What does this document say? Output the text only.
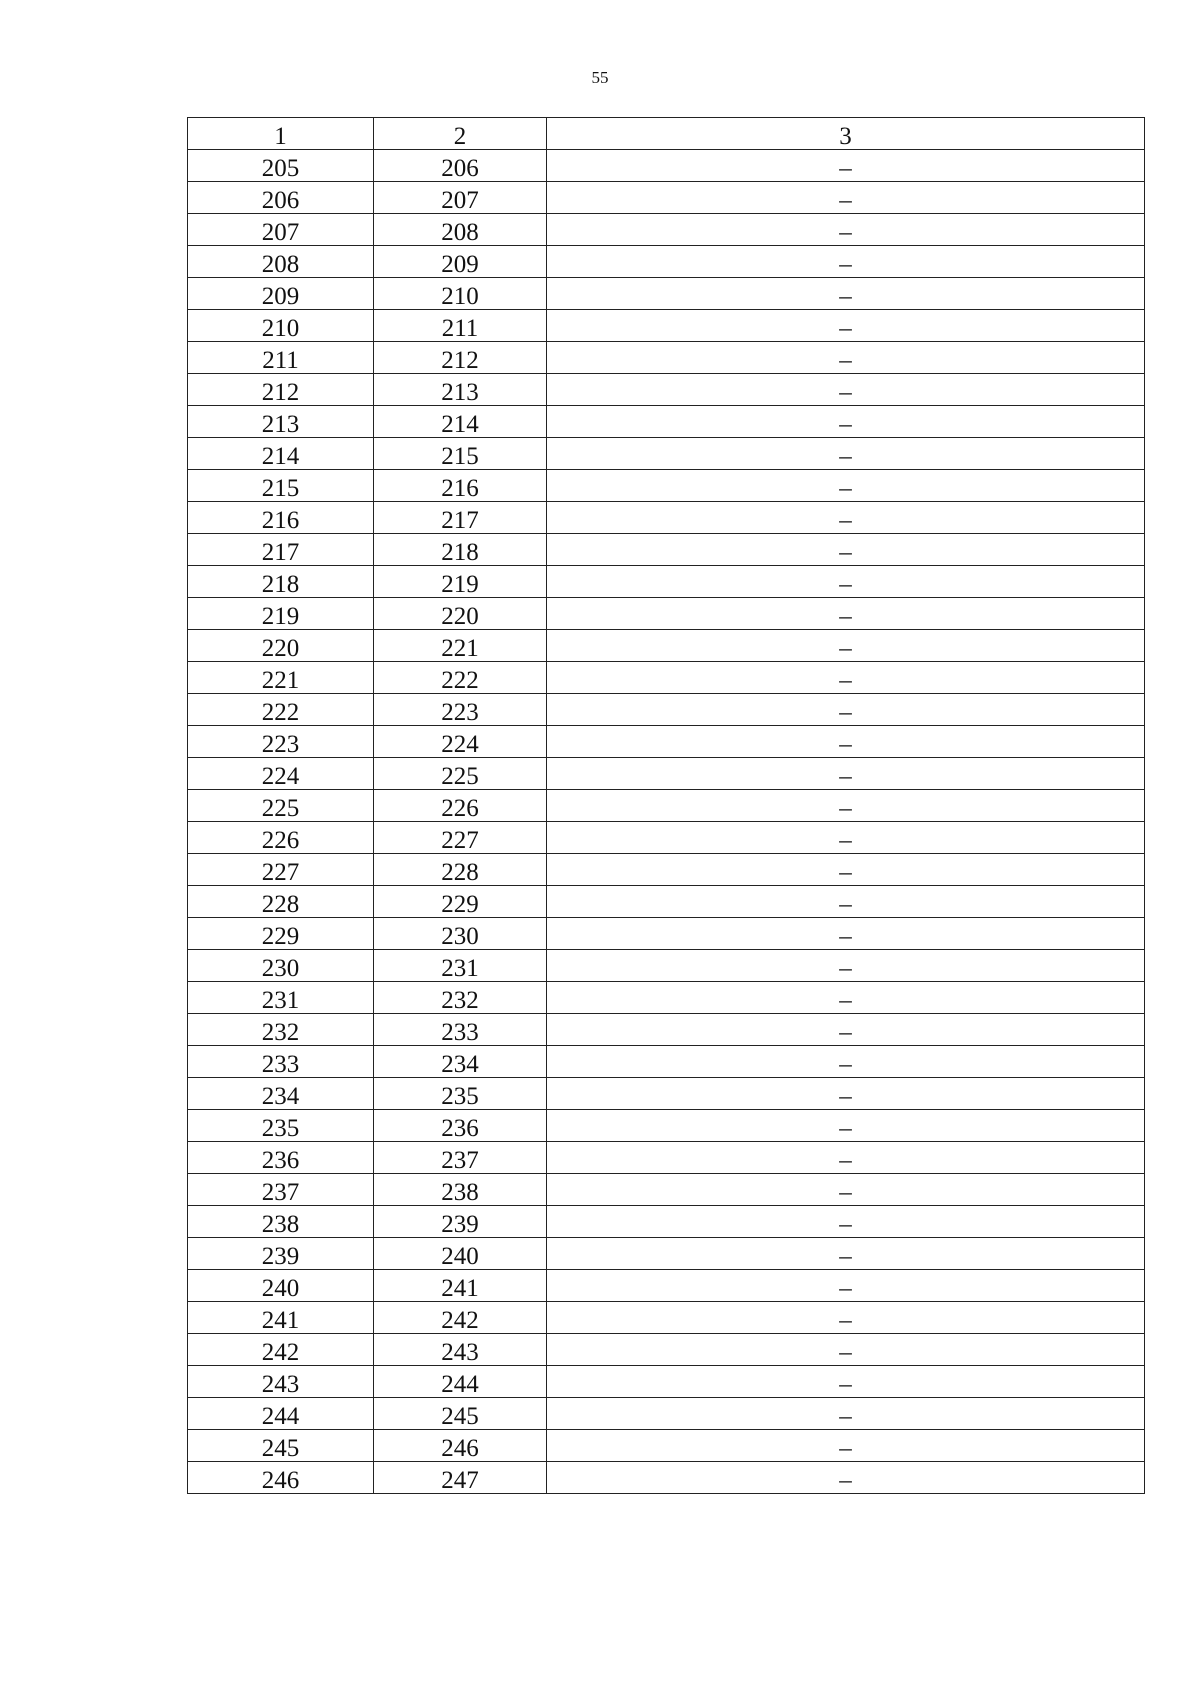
55
1	2	3
205	206	–
206	207	–
207	208	–
208	209	–
209	210	–
210	211	–
211	212	–
212	213	–
213	214	–
214	215	–
215	216	–
216	217	–
217	218	–
218	219	–
219	220	–
220	221	–
221	222	–
222	223	–
223	224	–
224	225	–
225	226	–
226	227	–
227	228	–
228	229	–
229	230	–
230	231	–
231	232	–
232	233	–
233	234	–
234	235	–
235	236	–
236	237	–
237	238	–
238	239	–
239	240	–
240	241	–
241	242	–
242	243	–
243	244	–
244	245	–
245	246	–
246	247	–
